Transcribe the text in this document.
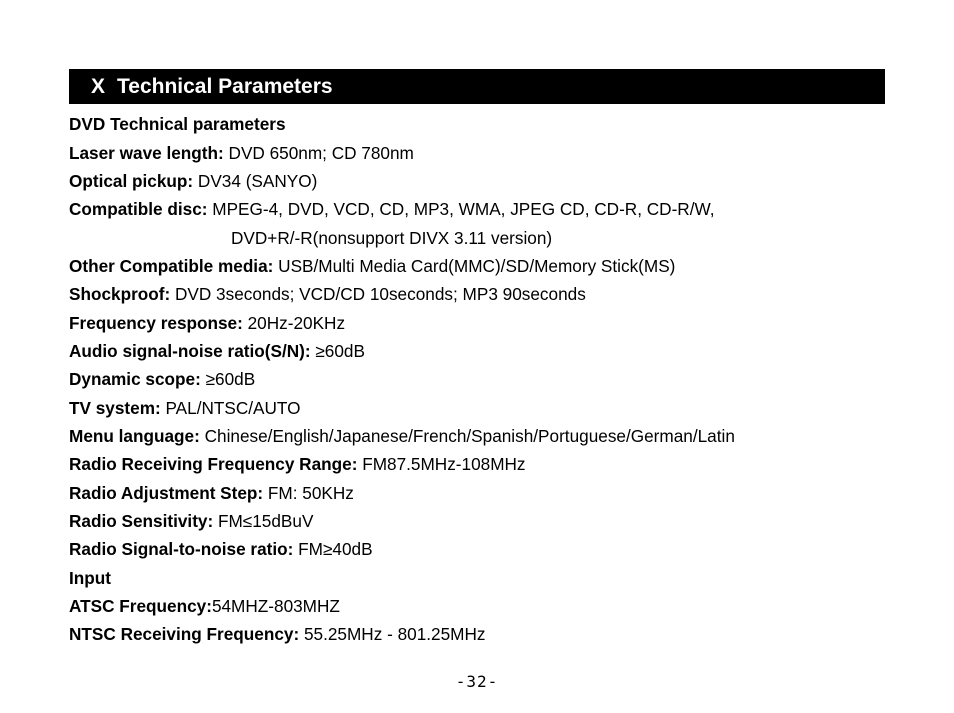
X Technical Parameters
DVD Technical parameters
Laser wave length: DVD 650nm; CD 780nm
Optical pickup: DV34 (SANYO)
Compatible disc: MPEG-4, DVD, VCD, CD, MP3, WMA, JPEG CD, CD-R, CD-R/W,
DVD+R/-R(nonsupport DIVX 3.11 version)
Other Compatible media: USB/Multi Media Card(MMC)/SD/Memory Stick(MS)
Shockproof: DVD 3seconds; VCD/CD 10seconds; MP3 90seconds
Frequency response: 20Hz-20KHz
Audio signal-noise ratio(S/N): ≥60dB
Dynamic scope: ≥60dB
TV system: PAL/NTSC/AUTO
Menu language: Chinese/English/Japanese/French/Spanish/Portuguese/German/Latin
Radio Receiving Frequency Range: FM87.5MHz-108MHz
Radio Adjustment Step: FM: 50KHz
Radio Sensitivity: FM≤15dBuV
Radio Signal-to-noise ratio: FM≥40dB
Input
ATSC Frequency:54MHZ-803MHZ
NTSC Receiving Frequency: 55.25MHz - 801.25MHz
-32-
